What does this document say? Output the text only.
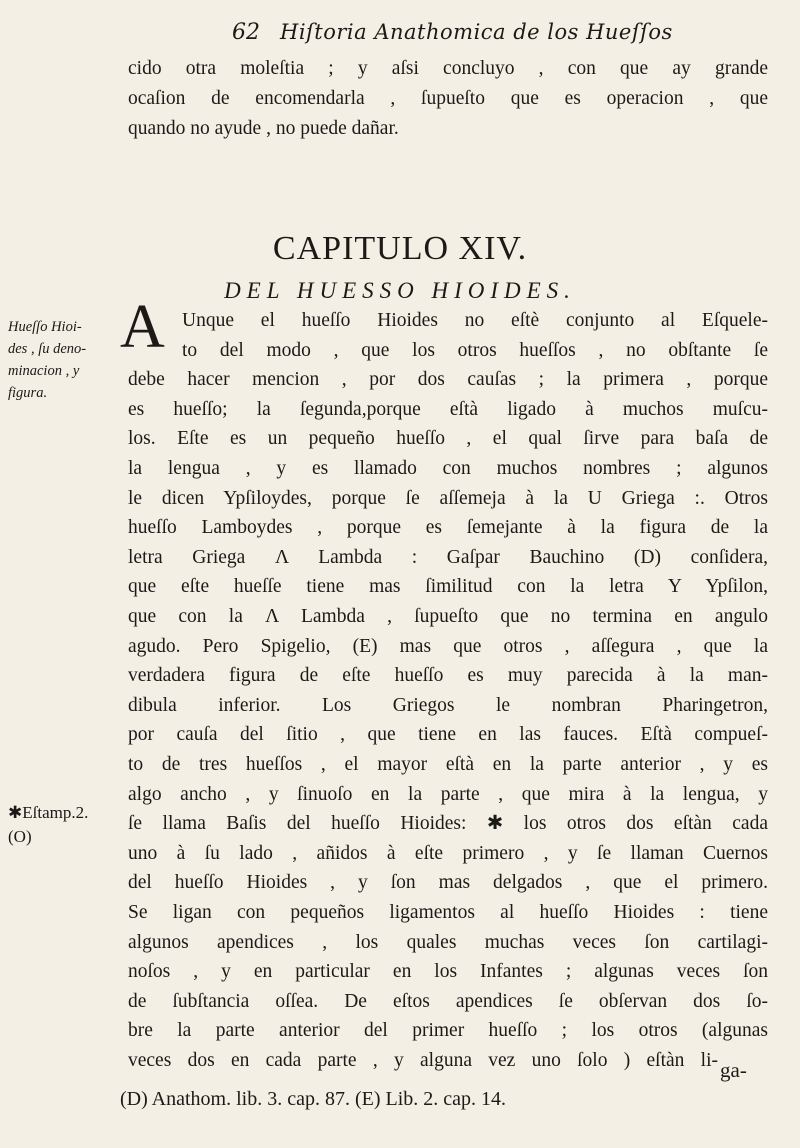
62 Hiſtoria Anathomica de los Hueſſos
cido otra moleſtia ; y aſsi concluyo , con que ay grande
ocaſion de encomendarla , ſupueſto que es operacion , que
quando no ayude , no puede dañar.
CAPITULO XIV.
DEL HUESSO HIOIDES.
Hueſſo Hioi-
des , ſu deno-
minacion , y
figura.
✱Eſtamp.2.
(O)
A Unque el hueſſo Hioides no eſtè conjunto al Eſquele-
to del modo , que los otros hueſſos , no obſtante ſe
debe hacer mencion , por dos cauſas ; la primera , porque
es hueſſo; la ſegunda,porque eſtà ligado à muchos muſcu-
los. Eſte es un pequeño hueſſo , el qual ſirve para baſa de
la lengua , y es llamado con muchos nombres ; algunos
le dicen Ypſiloydes, porque ſe aſſemeja à la U Griega :. Otros
hueſſo Lamboydes , porque es ſemejante à la figura de la
letra Griega Λ Lambda : Gaſpar Bauchino (D) conſidera,
que eſte hueſſe tiene mas ſimilitud con la letra Y Ypſilon,
que con la Λ Lambda , ſupueſto que no termina en angulo
agudo. Pero Spigelio, (E) mas que otros , aſſegura , que la
verdadera figura de eſte hueſſo es muy parecida à la man-
dibula inferior. Los Griegos le nombran Pharingetron,
por cauſa del ſitio , que tiene en las fauces. Eſtà compueſ-
to de tres hueſſos , el mayor eſtà en la parte anterior , y es
algo ancho , y ſinuoſo en la parte , que mira à la lengua, y
ſe llama Baſis del hueſſo Hioides: ✱ los otros dos eſtàn cada
uno à ſu lado , añidos à eſte primero , y ſe llaman Cuernos
del hueſſo Hioides , y ſon mas delgados , que el primero.
Se ligan con pequeños ligamentos al hueſſo Hioides : tiene
algunos apendices , los quales muchas veces ſon cartilagi-
noſos , y en particular en los Infantes ; algunas veces ſon
de ſubſtancia oſſea. De eſtos apendices ſe obſervan dos ſo-
bre la parte anterior del primer hueſſo ; los otros (algunas
veces dos en cada parte , y alguna vez uno ſolo ) eſtàn li- ga-
(D) Anathom. lib. 3. cap. 87. (E) Lib. 2. cap. 14.
